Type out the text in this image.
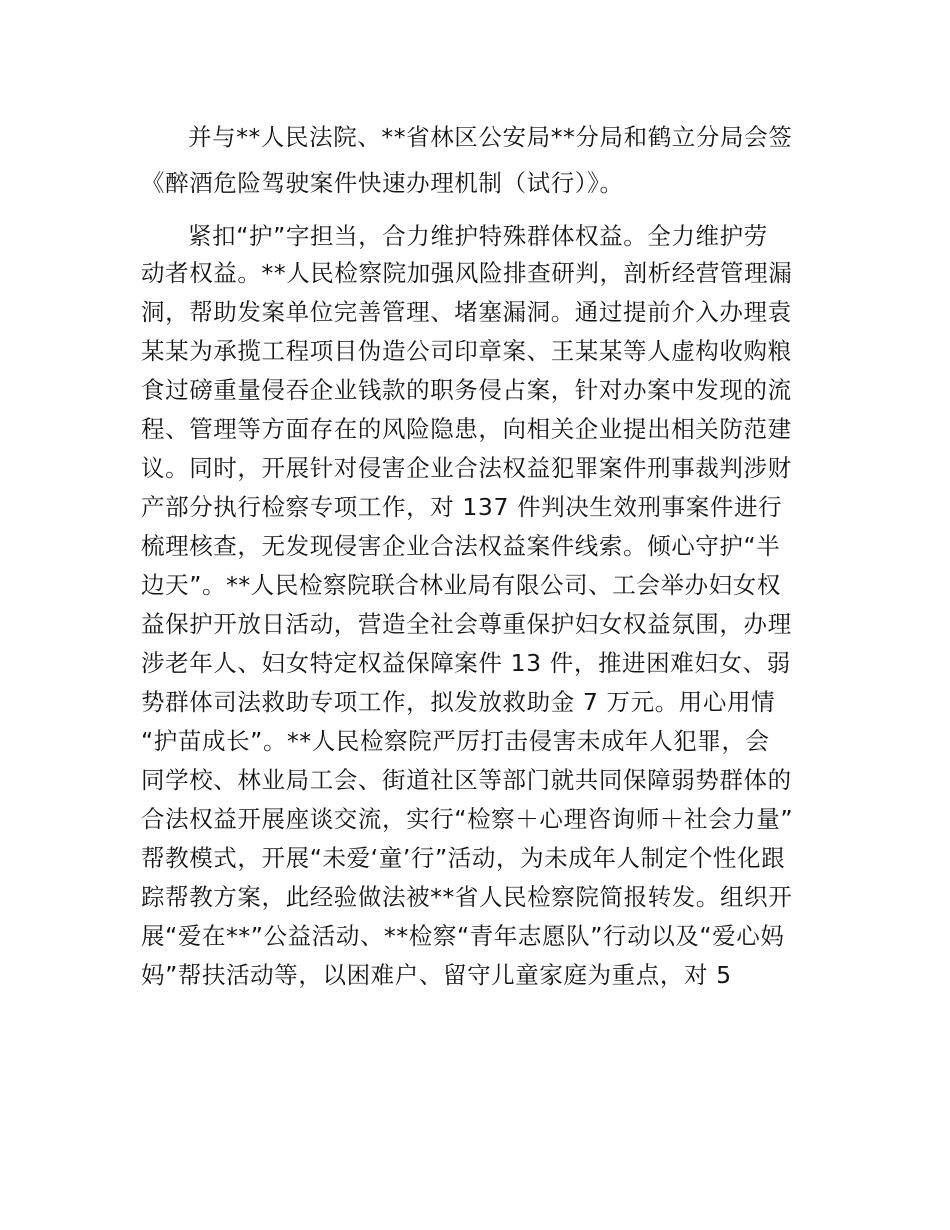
并与**人民法院、**省林区公安局**分局和鹤立分局会签
《醉酒危险驾驶案件快速办理机制（试行）》。
紧扣“护”字担当，合力维护特殊群体权益。全力维护劳
动者权益。**人民检察院加强风险排查研判，剖析经营管理漏
洞，帮助发案单位完善管理、堵塞漏洞。通过提前介入办理袁
某某为承揽工程项目伪造公司印章案、王某某等人虚构收购粮
食过磅重量侵吞企业钱款的职务侵占案，针对办案中发现的流
程、管理等方面存在的风险隐患，向相关企业提出相关防范建
议。同时，开展针对侵害企业合法权益犯罪案件刑事裁判涉财
产部分执行检察专项工作，对 137 件判决生效刑事案件进行
梳理核查，无发现侵害企业合法权益案件线索。倾心守护“半
边天”。**人民检察院联合林业局有限公司、工会举办妇女权
益保护开放日活动，营造全社会尊重保护妇女权益氛围，办理
涉老年人、妇女特定权益保障案件 13 件，推进困难妇女、弱
势群体司法救助专项工作，拟发放救助金 7 万元。用心用情
“护苗成长”。**人民检察院严厉打击侵害未成年人犯罪，会
同学校、林业局工会、街道社区等部门就共同保障弱势群体的
合法权益开展座谈交流，实行“检察＋心理咨询师＋社会力量”
帮教模式，开展“未爱‘童’行”活动，为未成年人制定个性化跟
踪帮教方案，此经验做法被**省人民检察院简报转发。组织开
展“爱在**”公益活动、**检察“青年志愿队”行动以及“爱心妈
妈”帮扶活动等，以困难户、留守儿童家庭为重点，对 5
